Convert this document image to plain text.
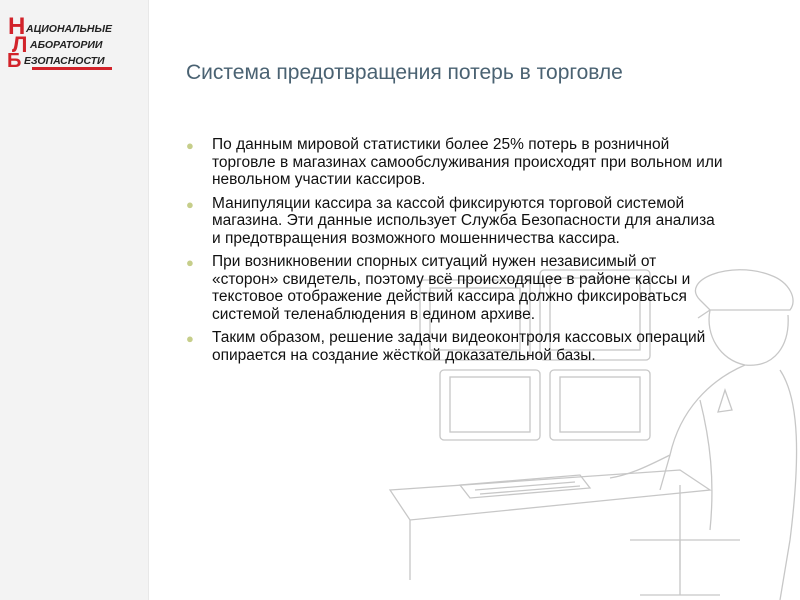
Н
Л
Б
АЦИОНАЛЬНЫЕ
АБОРАТОРИИ
ЕЗОПАСНОСТИ	Система предотвращения потерь в торговле
● По данным мировой статистики более 25% потерь в розничной торговле в магазинах самообслуживания происходят при вольном или невольном участии кассиров.
● Манипуляции кассира за кассой фиксируются торговой системой магазина. Эти данные использует Служба Безопасности для анализа и предотвращения возможного мошенничества кассира.
● При возникновении спорных ситуаций нужен независимый от «сторон» свидетель, поэтому всё происходящее в районе кассы и текстовое отображение действий кассира должно фиксироваться системой теленаблюдения в едином архиве.
● Таким образом, решение задачи видеоконтроля кассовых операций опирается на создание жёсткой доказательной базы.
